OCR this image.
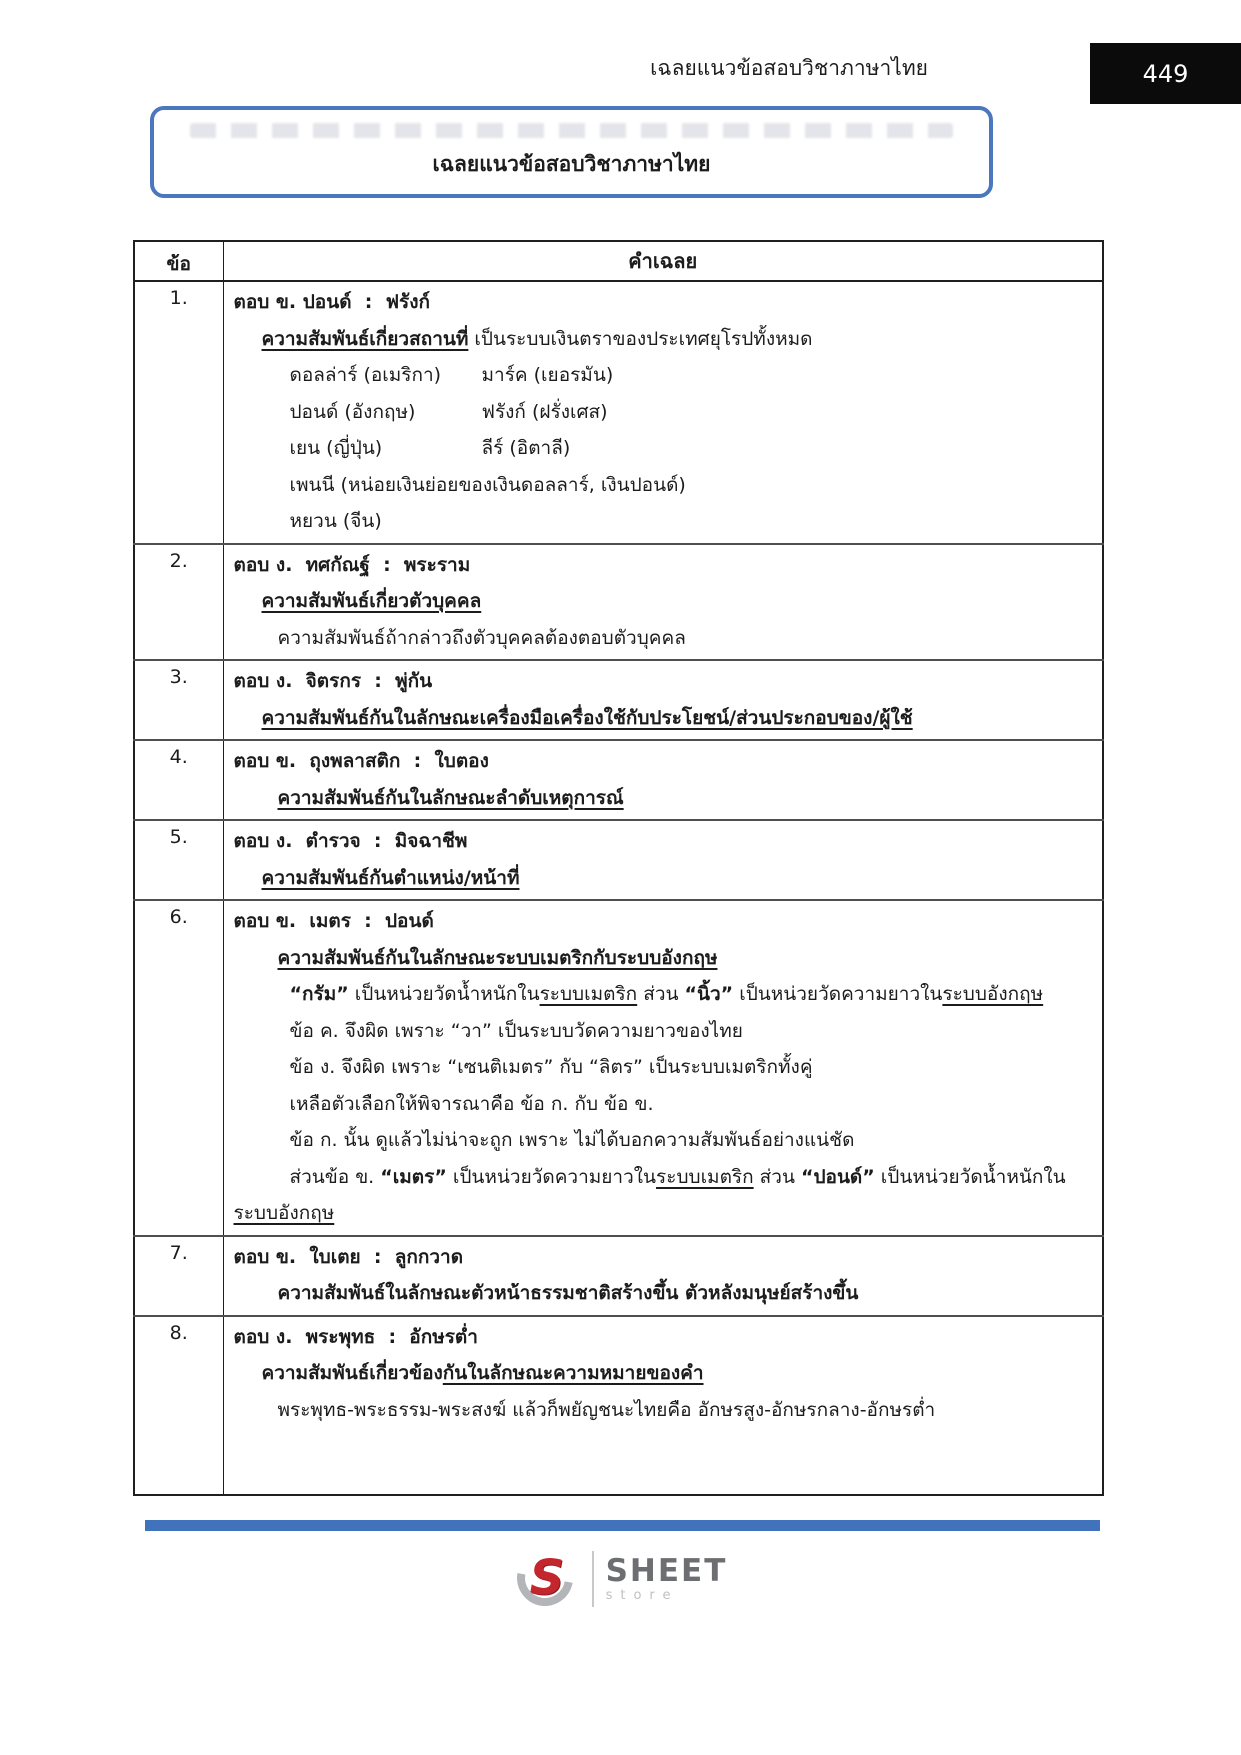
เฉลยแนวข้อสอบวิชาภาษาไทย	449
เฉลยแนวข้อสอบวิชาภาษาไทย
ข้อ	คำเฉลย
1.	ตอบ ข. ปอนด์  :  ฟรังก์
ความสัมพันธ์เกี่ยวสถานที่ เป็นระบบเงินตราของประเทศยุโรปทั้งหมด
ดอลล่าร์ (อเมริกา) มาร์ค (เยอรมัน)
ปอนด์ (อังกฤษ)	ฟรังก์ (ฝรั่งเศส)
เยน (ญี่ปุ่น)	ลีร์ (อิตาลี)
เพนนี (หน่อยเงินย่อยของเงินดอลลาร์, เงินปอนด์)
หยวน (จีน)

2.	ตอบ ง.  ทศกัณฐ์  :  พระราม
ความสัมพันธ์เกี่ยวตัวบุคคล
ความสัมพันธ์ถ้ากล่าวถึงตัวบุคคลต้องตอบตัวบุคคล

3.	ตอบ ง.  จิตรกร  :  พู่กัน
ความสัมพันธ์กันในลักษณะเครื่องมือเครื่องใช้กับประโยชน์/ส่วนประกอบของ/ผู้ใช้

4.	ตอบ ข.  ถุงพลาสติก  :  ใบตอง
ความสัมพันธ์กันในลักษณะลำดับเหตุการณ์

5.	ตอบ ง.  ตำรวจ  :  มิจฉาชีพ
ความสัมพันธ์กันตำแหน่ง/หน้าที่

6.	ตอบ ข.  เมตร  :  ปอนด์
ความสัมพันธ์กันในลักษณะระบบเมตริกกับระบบอังกฤษ
“กรัม” เป็นหน่วยวัดน้ำหนักในระบบเมตริก ส่วน “นิ้ว” เป็นหน่วยวัดความยาวในระบบอังกฤษ
ข้อ ค. จึงผิด เพราะ “วา” เป็นระบบวัดความยาวของไทย
ข้อ ง. จึงผิด เพราะ “เซนติเมตร” กับ “ลิตร” เป็นระบบเมตริกทั้งคู่
เหลือตัวเลือกให้พิจารณาคือ ข้อ ก. กับ ข้อ ข.
ข้อ ก. นั้น ดูแล้วไม่น่าจะถูก เพราะ ไม่ได้บอกความสัมพันธ์อย่างแน่ชัด
ส่วนข้อ ข. “เมตร” เป็นหน่วยวัดความยาวในระบบเมตริก ส่วน “ปอนด์” เป็นหน่วยวัดน้ำหนักใน
ระบบอังกฤษ

7.	ตอบ ข.  ใบเตย  :  ลูกกวาด
ความสัมพันธ์ในลักษณะตัวหน้าธรรมชาติสร้างขึ้น ตัวหลังมนุษย์สร้างขึ้น

8.	ตอบ ง.  พระพุทธ  :  อักษรต่ำ
ความสัมพันธ์เกี่ยวข้องกันในลักษณะความหมายของคำ
พระพุทธ-พระธรรม-พระสงฆ์ แล้วก็พยัญชนะไทยคือ อักษรสูง-อักษรกลาง-อักษรต่ำ
S SHEET
store
